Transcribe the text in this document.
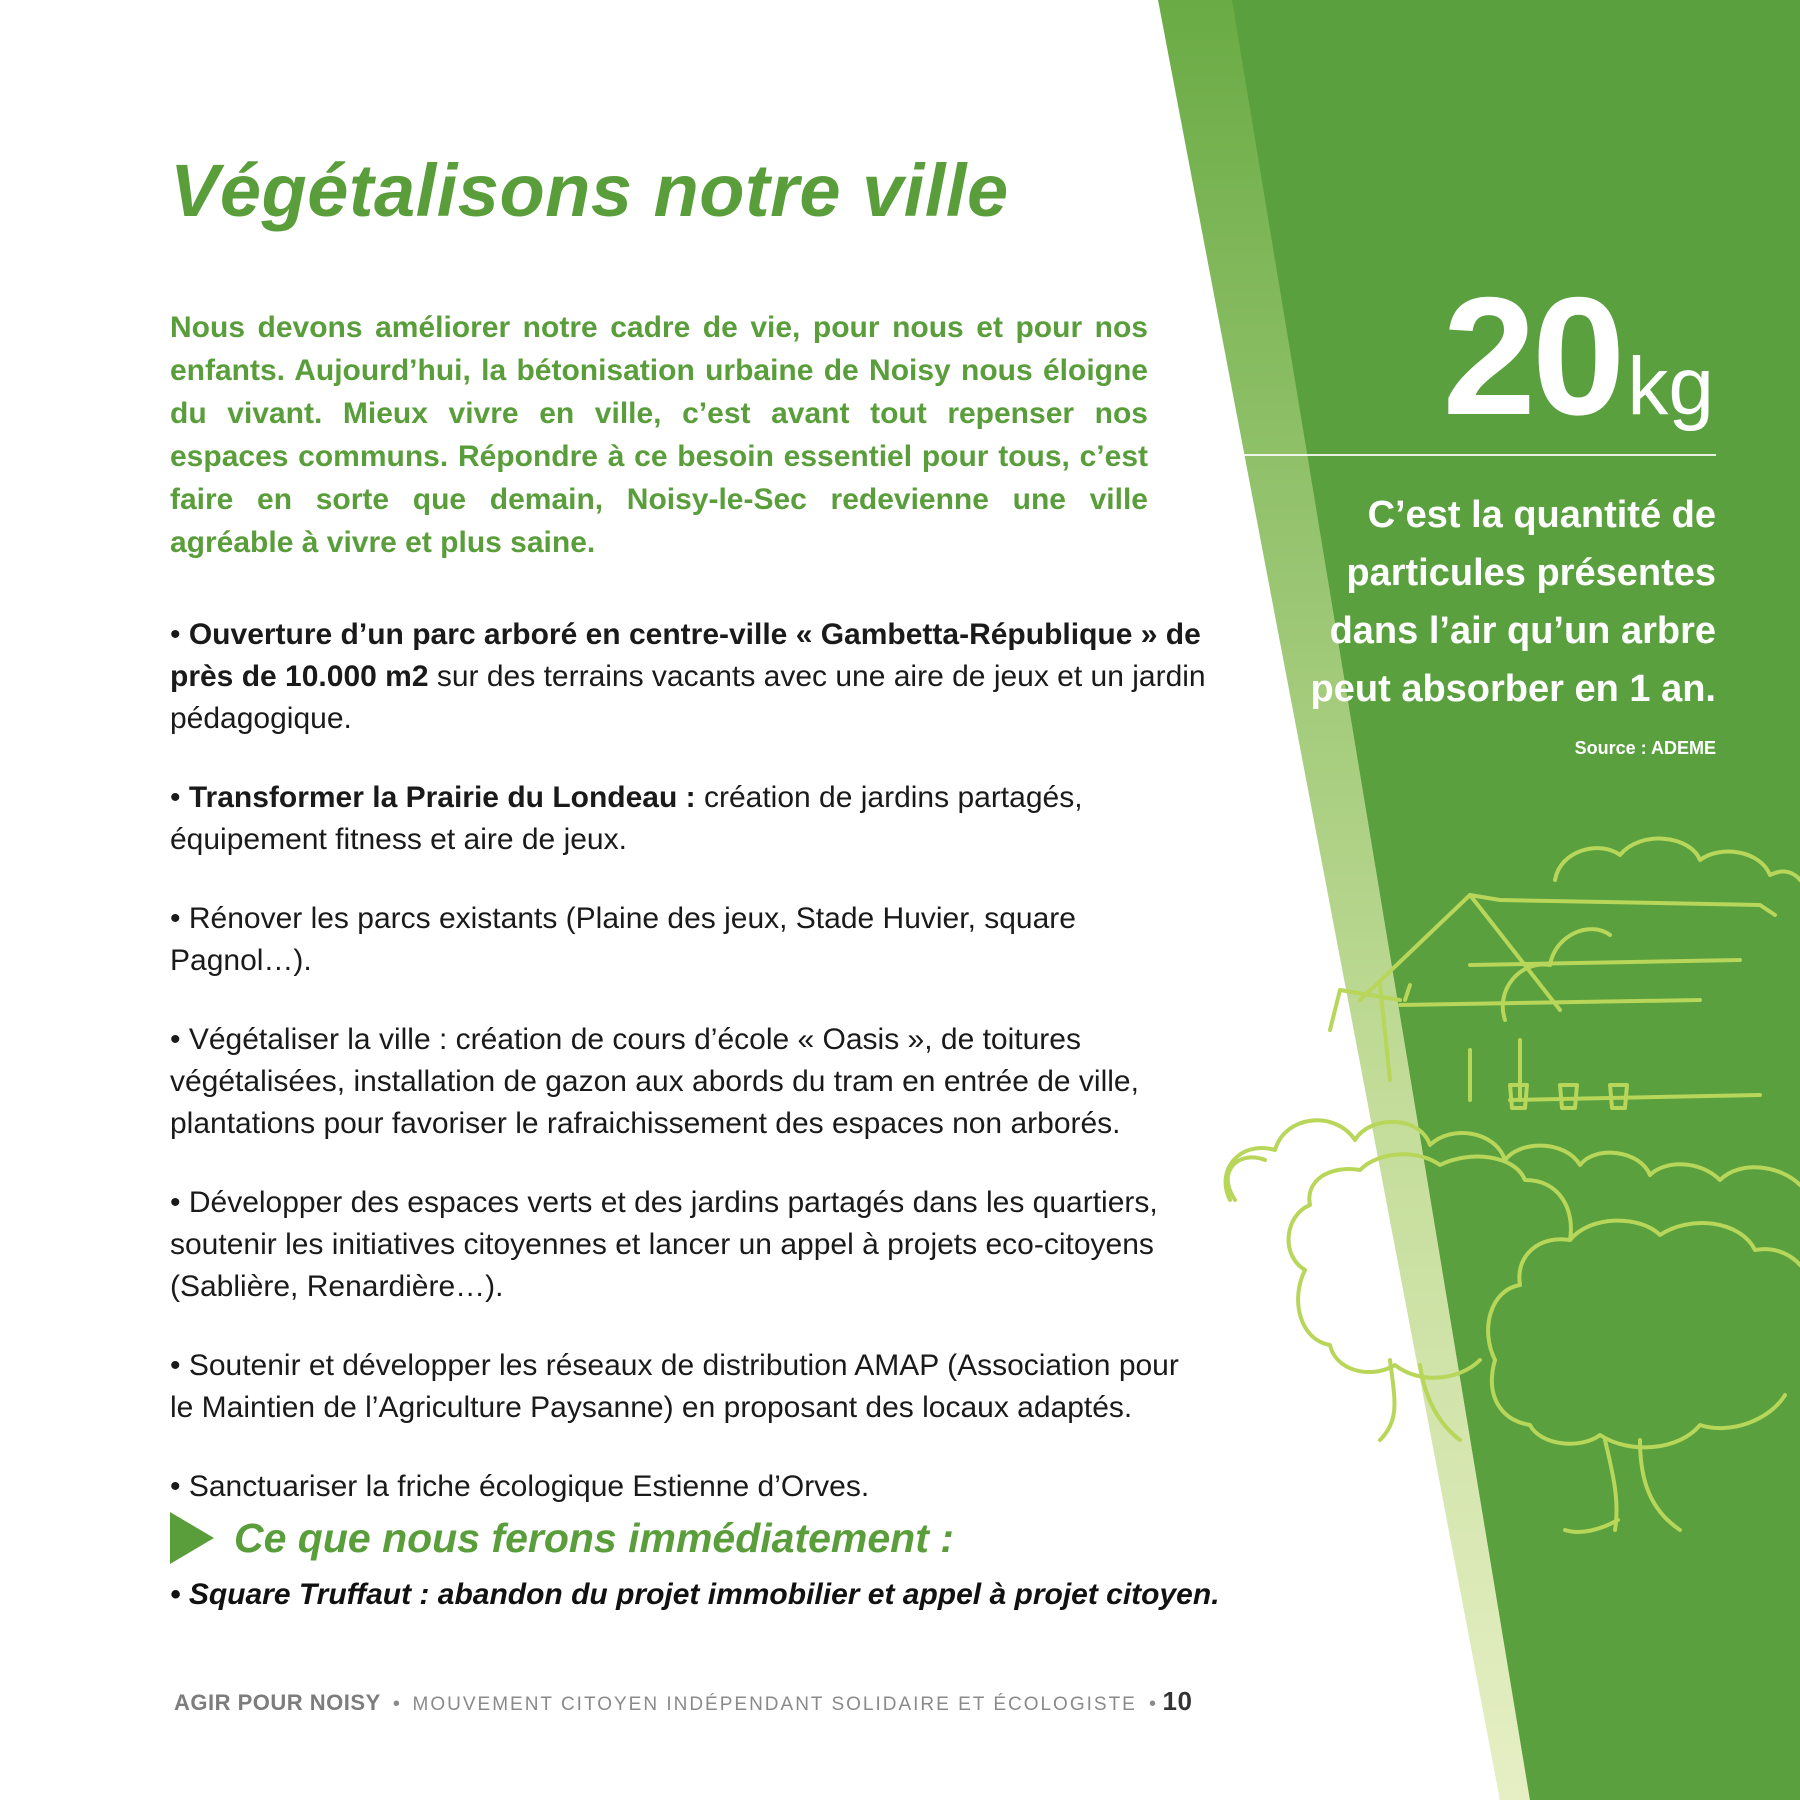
Végétalisons notre ville

Nous devons améliorer notre cadre de vie, pour nous et pour nos enfants. Aujourd’hui, la bétonisation urbaine de Noisy nous éloigne du vivant. Mieux vivre en ville, c’est avant tout repenser nos espaces communs. Répondre à ce besoin essentiel pour tous, c’est faire en sorte que demain, Noisy-le-Sec redevienne une ville agréable à vivre et plus saine.

• Ouverture d’un parc arboré en centre-ville « Gambetta-République » de près de 10.000 m2 sur des terrains vacants avec une aire de jeux et un jardin pédagogique.

• Transformer la Prairie du Londeau : création de jardins partagés, équipement fitness et aire de jeux.

• Rénover les parcs existants (Plaine des jeux, Stade Huvier, square Pagnol…).

• Végétaliser la ville : création de cours d’école « Oasis », de toitures végétalisées, installation de gazon aux abords du tram en entrée de ville, plantations pour favoriser le rafraichissement des espaces non arborés.

• Développer des espaces verts et des jardins partagés dans les quartiers, soutenir les initiatives citoyennes et lancer un appel à projets eco-citoyens (Sablière, Renardière…).

• Soutenir et développer les réseaux de distribution AMAP (Association pour le Maintien de l’Agriculture Paysanne) en proposant des locaux adaptés.

• Sanctuariser la friche écologique Estienne d’Orves.

Ce que nous ferons immédiatement :

• Square Truffaut : abandon du projet immobilier et appel à projet citoyen.

AGIR POUR NOISY • MOUVEMENT CITOYEN INDÉPENDANT SOLIDAIRE ET ÉCOLOGISTE • 10

20 kg

C’est la quantité de particules présentes dans l’air qu’un arbre peut absorber en 1 an.

Source : ADEME
